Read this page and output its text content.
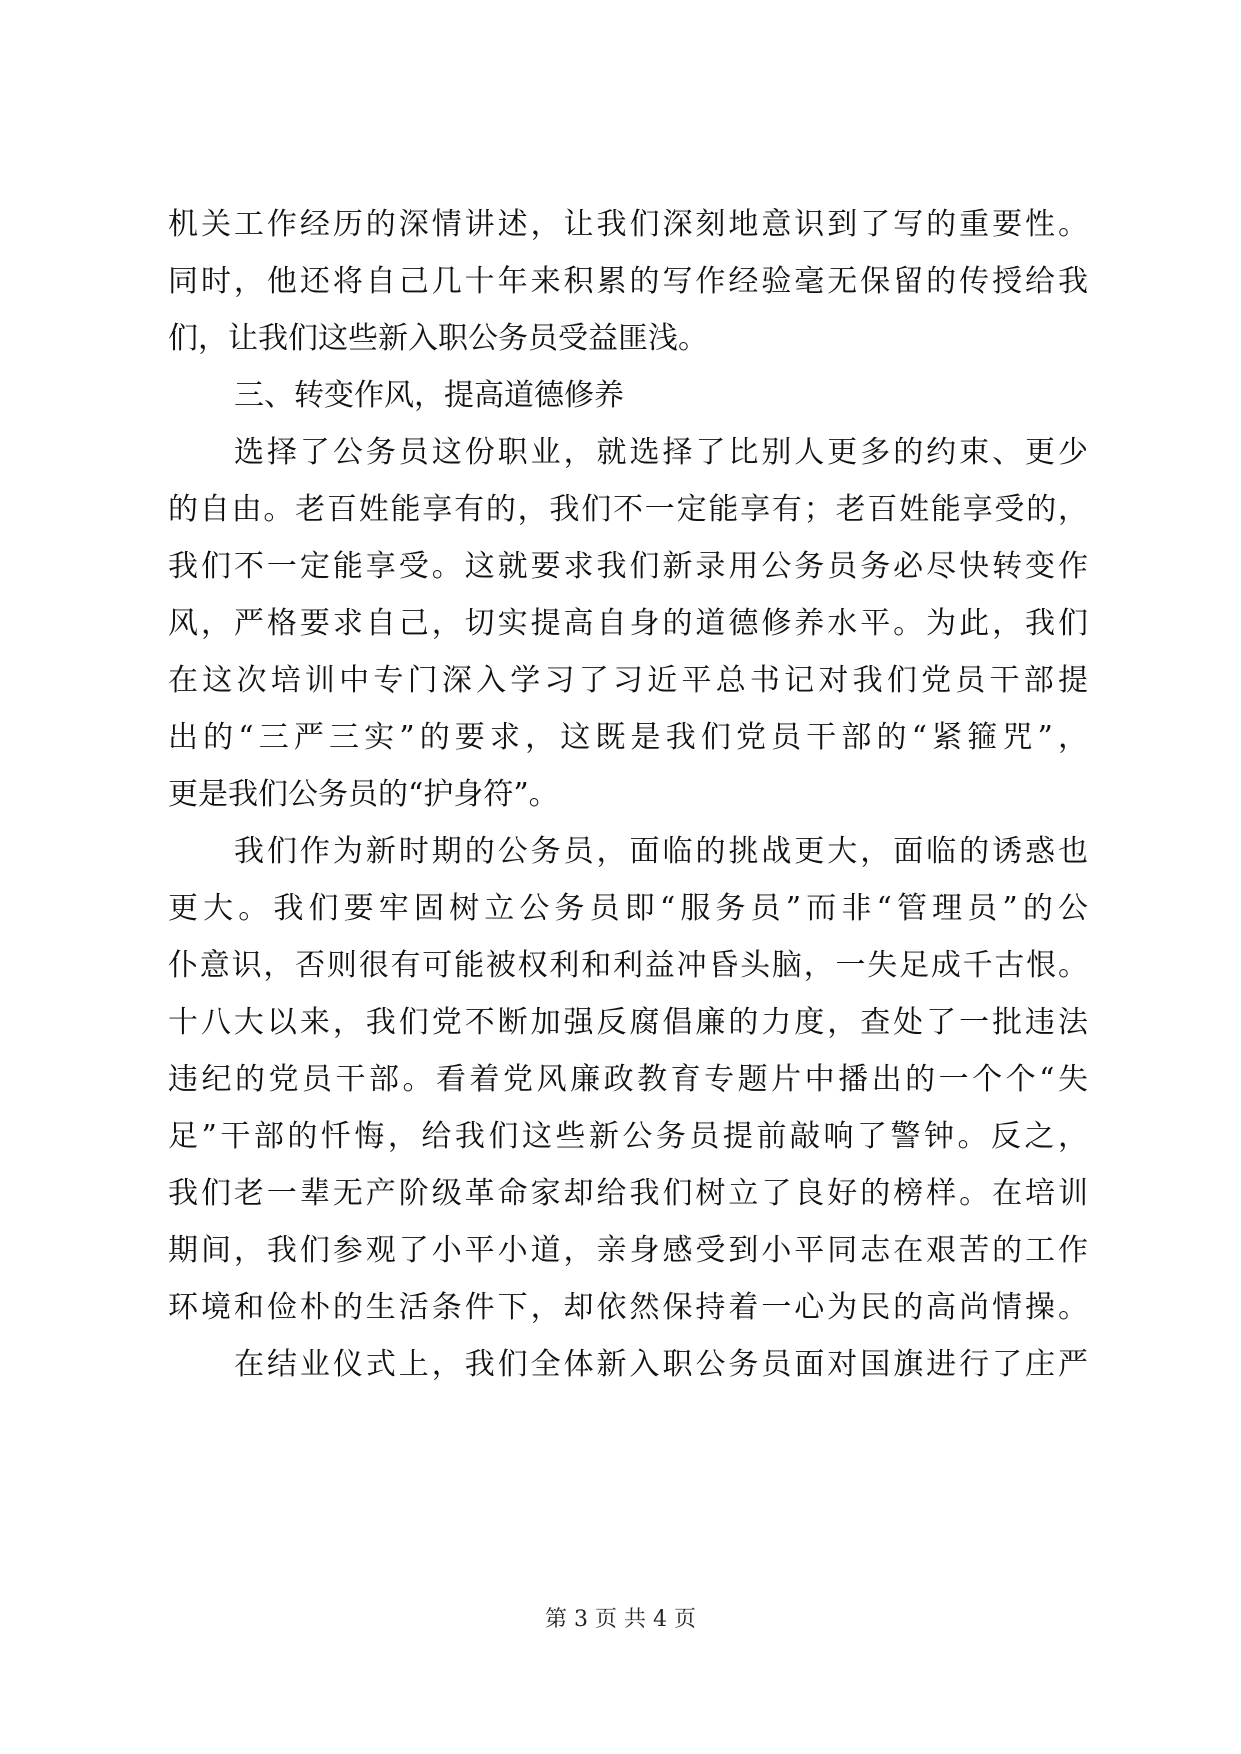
机关工作经历的深情讲述，让我们深刻地意识到了写的重要性。
同时，他还将自己几十年来积累的写作经验毫无保留的传授给我
们，让我们这些新入职公务员受益匪浅。
三、转变作风，提高道德修养
选择了公务员这份职业，就选择了比别人更多的约束、更少
的自由。老百姓能享有的，我们不一定能享有；老百姓能享受的，
我们不一定能享受。这就要求我们新录用公务员务必尽快转变作
风，严格要求自己，切实提高自身的道德修养水平。为此，我们
在这次培训中专门深入学习了习近平总书记对我们党员干部提
出的“三严三实”的要求，这既是我们党员干部的“紧箍咒”，
更是我们公务员的“护身符”。
我们作为新时期的公务员，面临的挑战更大，面临的诱惑也
更大。我们要牢固树立公务员即“服务员”而非“管理员”的公
仆意识，否则很有可能被权利和利益冲昏头脑，一失足成千古恨。
十八大以来，我们党不断加强反腐倡廉的力度，查处了一批违法
违纪的党员干部。看着党风廉政教育专题片中播出的一个个“失
足”干部的忏悔，给我们这些新公务员提前敲响了警钟。反之，
我们老一辈无产阶级革命家却给我们树立了良好的榜样。在培训
期间，我们参观了小平小道，亲身感受到小平同志在艰苦的工作
环境和俭朴的生活条件下，却依然保持着一心为民的高尚情操。
在结业仪式上，我们全体新入职公务员面对国旗进行了庄严
第 3 页 共 4 页
